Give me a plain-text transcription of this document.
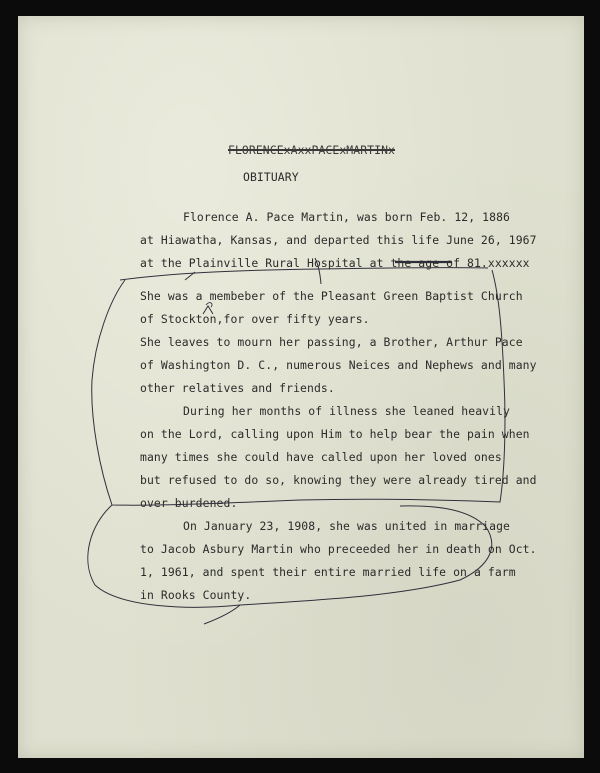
FLORENCExAxxPACExMARTINx
OBITUARY
Florence A. Pace Martin, was born Feb. 12, 1886
at Hiawatha, Kansas, and departed this life June 26, 1967
at the Plainville Rural Hospital at the age of 81.xxxxxx
She was a membeber of the Pleasant Green Baptist Church
of Stockton,for over fifty years.
She leaves to mourn her passing, a Brother, Arthur Pace
of Washington D. C., numerous Neices and Nephews and many
other relatives and friends.
During her months of illness she leaned heavily
on the Lord, calling upon Him to help bear the pain when
many times she could have called upon her loved ones
but refused to do so, knowing they were already tired and
over burdened.
On January 23, 1908, she was united in marriage
to Jacob Asbury Martin who preceeded her in death on Oct.
1, 1961, and spent their entire married life on a farm
in Rooks County.
